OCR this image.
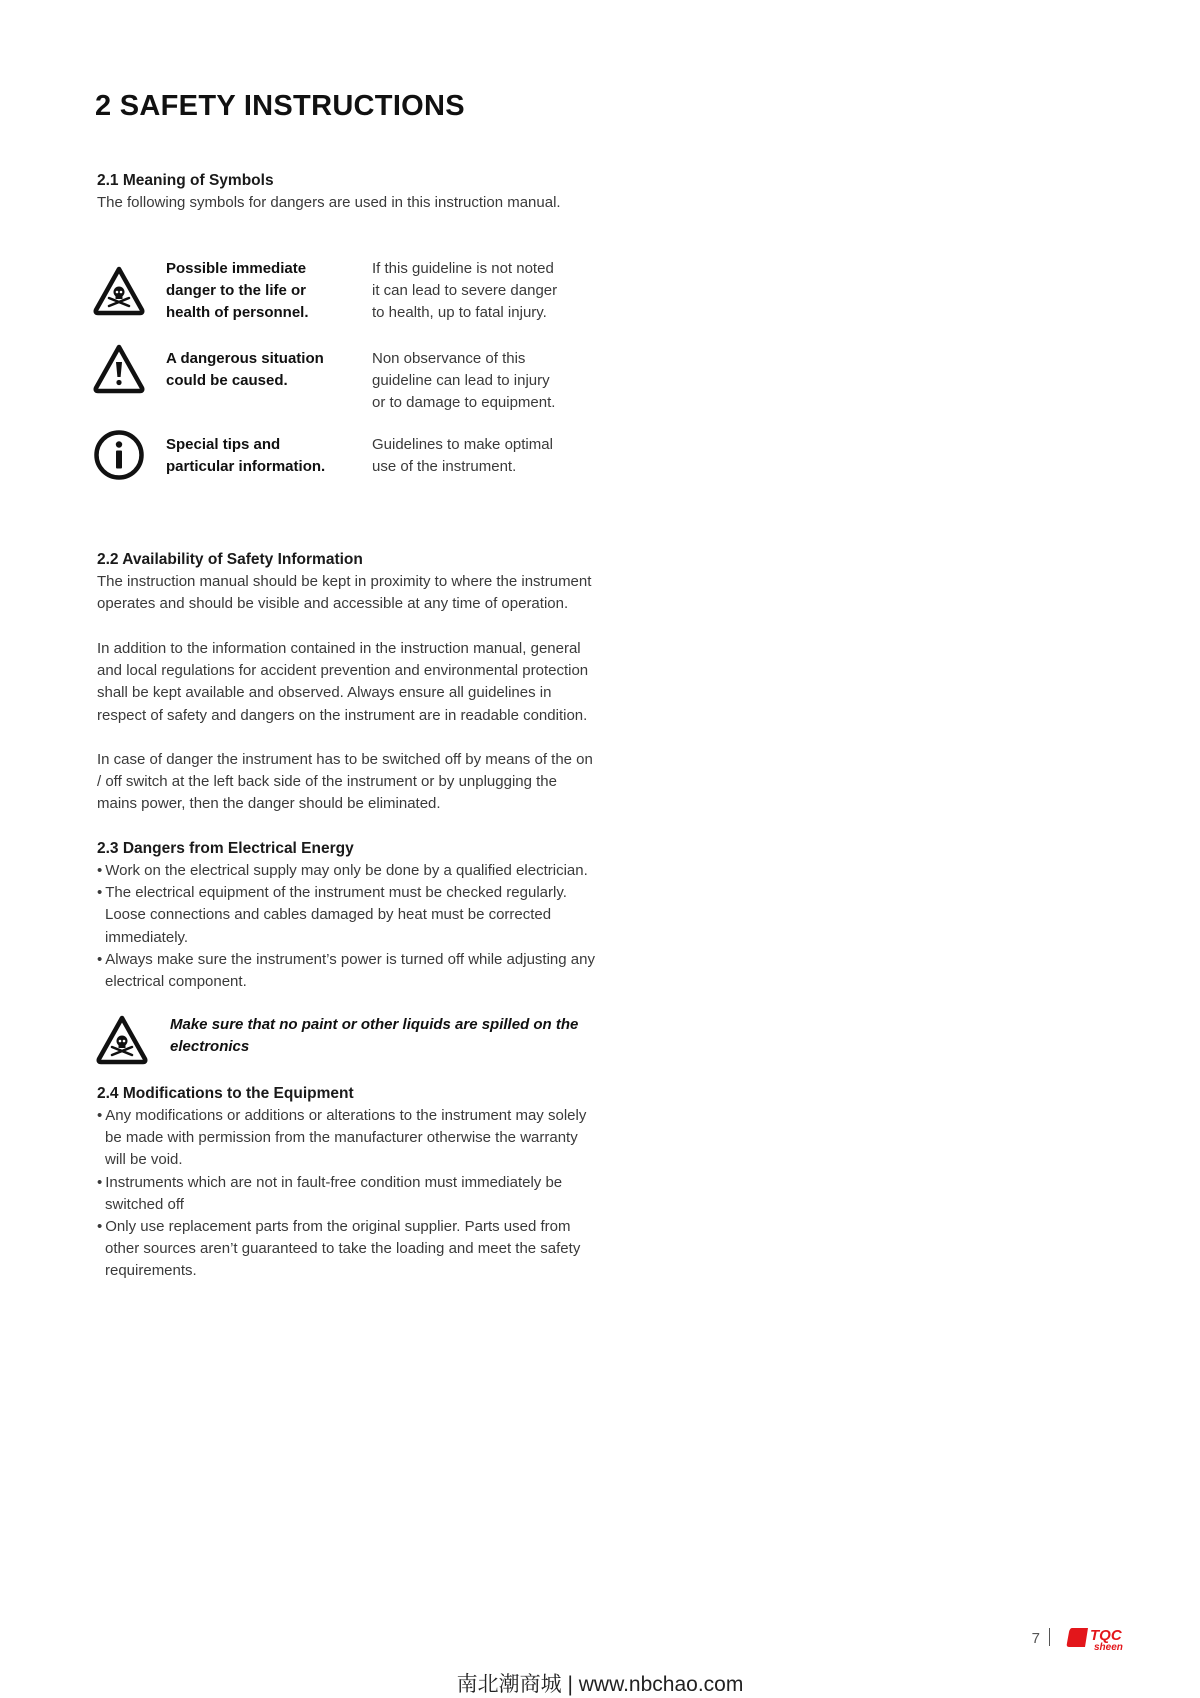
2 SAFETY INSTRUCTIONS
2.1 Meaning of Symbols

The following symbols for dangers are used in this instruction manual.

Possible immediate danger to the life or health of personnel.
If this guideline is not noted it can lead to severe danger to health, up to fatal injury.
A dangerous situation could be caused.
Non observance of this guideline can lead to injury or to damage to equipment.
Special tips and particular information.
Guidelines to make optimal use of the instrument.
2.2 Availability of Safety Information

The instruction manual should be kept in proximity to where the instrument operates and should be visible and accessible at any time of operation.

In addition to the information contained in the instruction manual, general and local regulations for accident prevention and environmental protection shall be kept available and observed. Always ensure all guidelines in respect of safety and dangers on the instrument are in readable condition.

In case of danger the instrument has to be switched off by means of the on / off switch at the left back side of the instrument or by unplugging the mains power, then the danger should be eliminated.

2.3 Dangers from Electrical Energy
• Work on the electrical supply may only be done by a qualified electrician.
• The electrical equipment of the instrument must be checked regularly. Loose connections and cables damaged by heat must be corrected immediately.
• Always make sure the instrument’s power is turned off while adjusting any electrical component.
Make sure that no paint or other liquids are spilled on the electronics
2.4 Modifications to the Equipment
• Any modifications or additions or alterations to the instrument may solely be made with permission from the manufacturer otherwise the warranty will be void.
• Instruments which are not in fault-free condition must immediately be switched off
• Only use replacement parts from the original supplier. Parts used from other sources aren’t guaranteed to take the loading and meet the safety requirements.
7	TQC
sheen
南北潮商城 | www.nbchao.com
